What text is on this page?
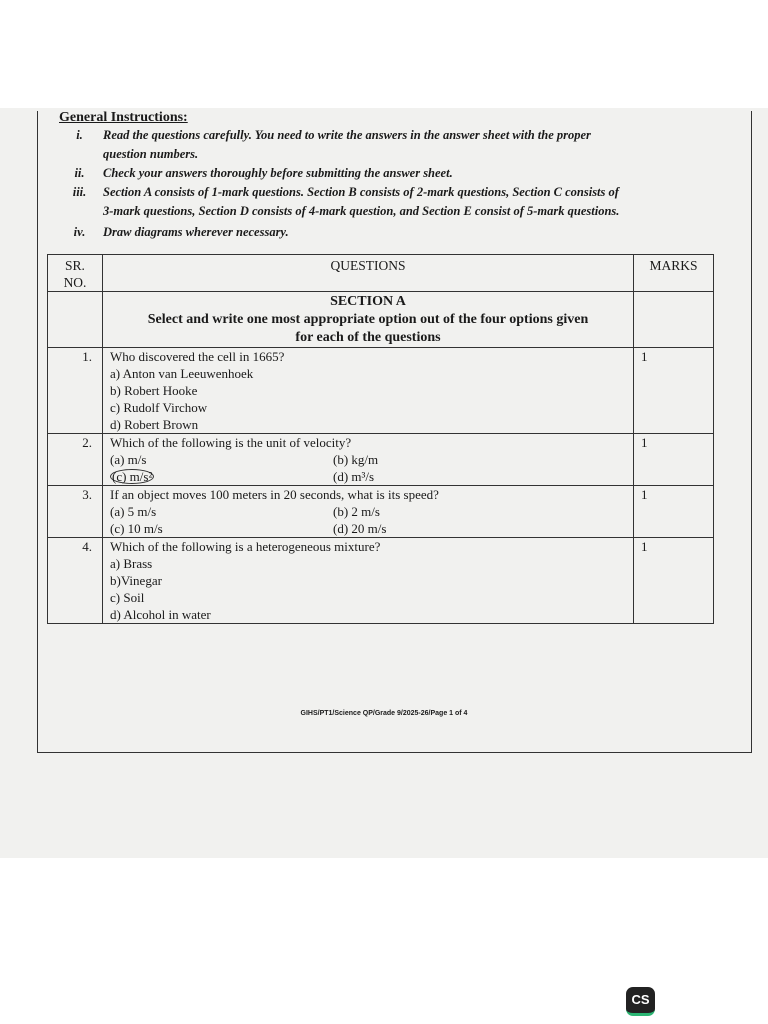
General Instructions:
i.	Read the questions carefully. You need to write the answers in the answer sheet with the proper
question numbers.
ii.	Check your answers thoroughly before submitting the answer sheet.
iii.	Section A consists of 1-mark questions. Section B consists of 2-mark questions, Section C consists of
3-mark questions, Section D consists of 4-mark question, and Section E consist of 5-mark questions.
iv.	Draw diagrams wherever necessary.
SR.
NO.	QUESTIONS	MARKS
	SECTION A
Select and write one most appropriate option out of the four options given
for each of the questions	
1.	Who discovered the cell in 1665?
a) Anton van Leeuwenhoek
b) Robert Hooke
c) Rudolf Virchow
d) Robert Brown	1
2.	Which of the following is the unit of velocity?
(a) m/s (b) kg/m
(c) m/s² (d) m³/s	1
3.	If an object moves 100 meters in 20 seconds, what is its speed?
(a) 5 m/s (b) 2 m/s
(c) 10 m/s (d) 20 m/s	1
4.	Which of the following is a heterogeneous mixture?
a) Brass
b)Vinegar
c) Soil
d) Alcohol in water	1
GIHS/PT1/Science QP/Grade 9/2025-26/Page 1 of 4
CS
